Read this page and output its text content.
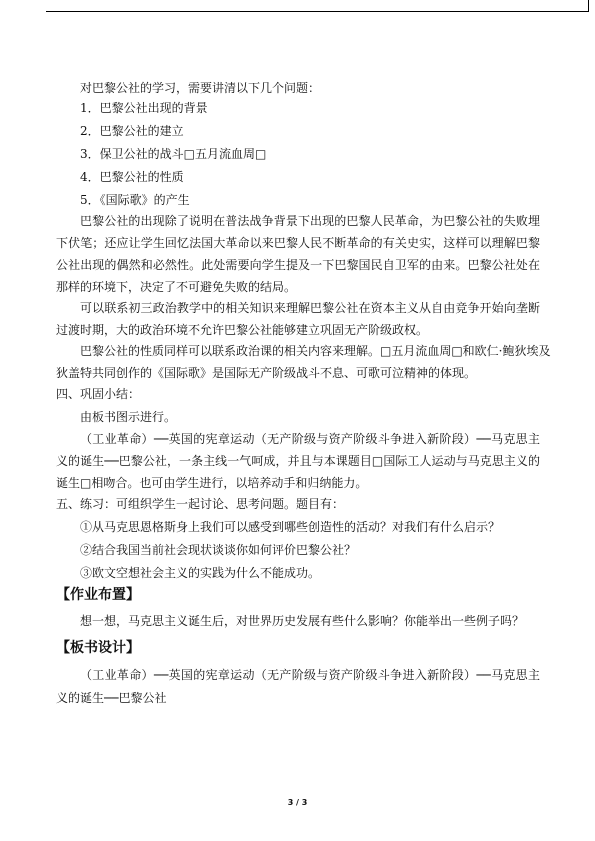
对巴黎公社的学习，需要讲清以下几个问题：
1．巴黎公社出现的背景
2．巴黎公社的建立
3．保卫公社的战斗□五月流血周□
4．巴黎公社的性质
5．《国际歌》的产生
巴黎公社的出现除了说明在普法战争背景下出现的巴黎人民革命，为巴黎公社的失败埋
下伏笔；还应让学生回忆法国大革命以来巴黎人民不断革命的有关史实，这样可以理解巴黎
公社出现的偶然和必然性。此处需要向学生提及一下巴黎国民自卫军的由来。巴黎公社处在
那样的环境下，决定了不可避免失败的结局。
可以联系初三政治教学中的相关知识来理解巴黎公社在资本主义从自由竞争开始向垄断
过渡时期，大的政治环境不允许巴黎公社能够建立巩固无产阶级政权。
巴黎公社的性质同样可以联系政治课的相关内容来理解。□五月流血周□和欧仁·鲍狄埃及
狄盖特共同创作的《国际歌》是国际无产阶级战斗不息、可歌可泣精神的体现。
四、巩固小结：
由板书图示进行。
（工业革命）──英国的宪章运动（无产阶级与资产阶级斗争进入新阶段）──马克思主
义的诞生──巴黎公社，一条主线一气呵成，并且与本课题目□国际工人运动与马克思主义的
诞生□相吻合。也可由学生进行，以培养动手和归纳能力。
五、练习：可组织学生一起讨论、思考问题。题目有：
①从马克思恩格斯身上我们可以感受到哪些创造性的活动？对我们有什么启示？
②结合我国当前社会现状谈谈你如何评价巴黎公社？
③欧文空想社会主义的实践为什么不能成功。
【作业布置】
想一想，马克思主义诞生后，对世界历史发展有些什么影响？你能举出一些例子吗？
【板书设计】
（工业革命）──英国的宪章运动（无产阶级与资产阶级斗争进入新阶段）──马克思主
义的诞生──巴黎公社
3 / 3
